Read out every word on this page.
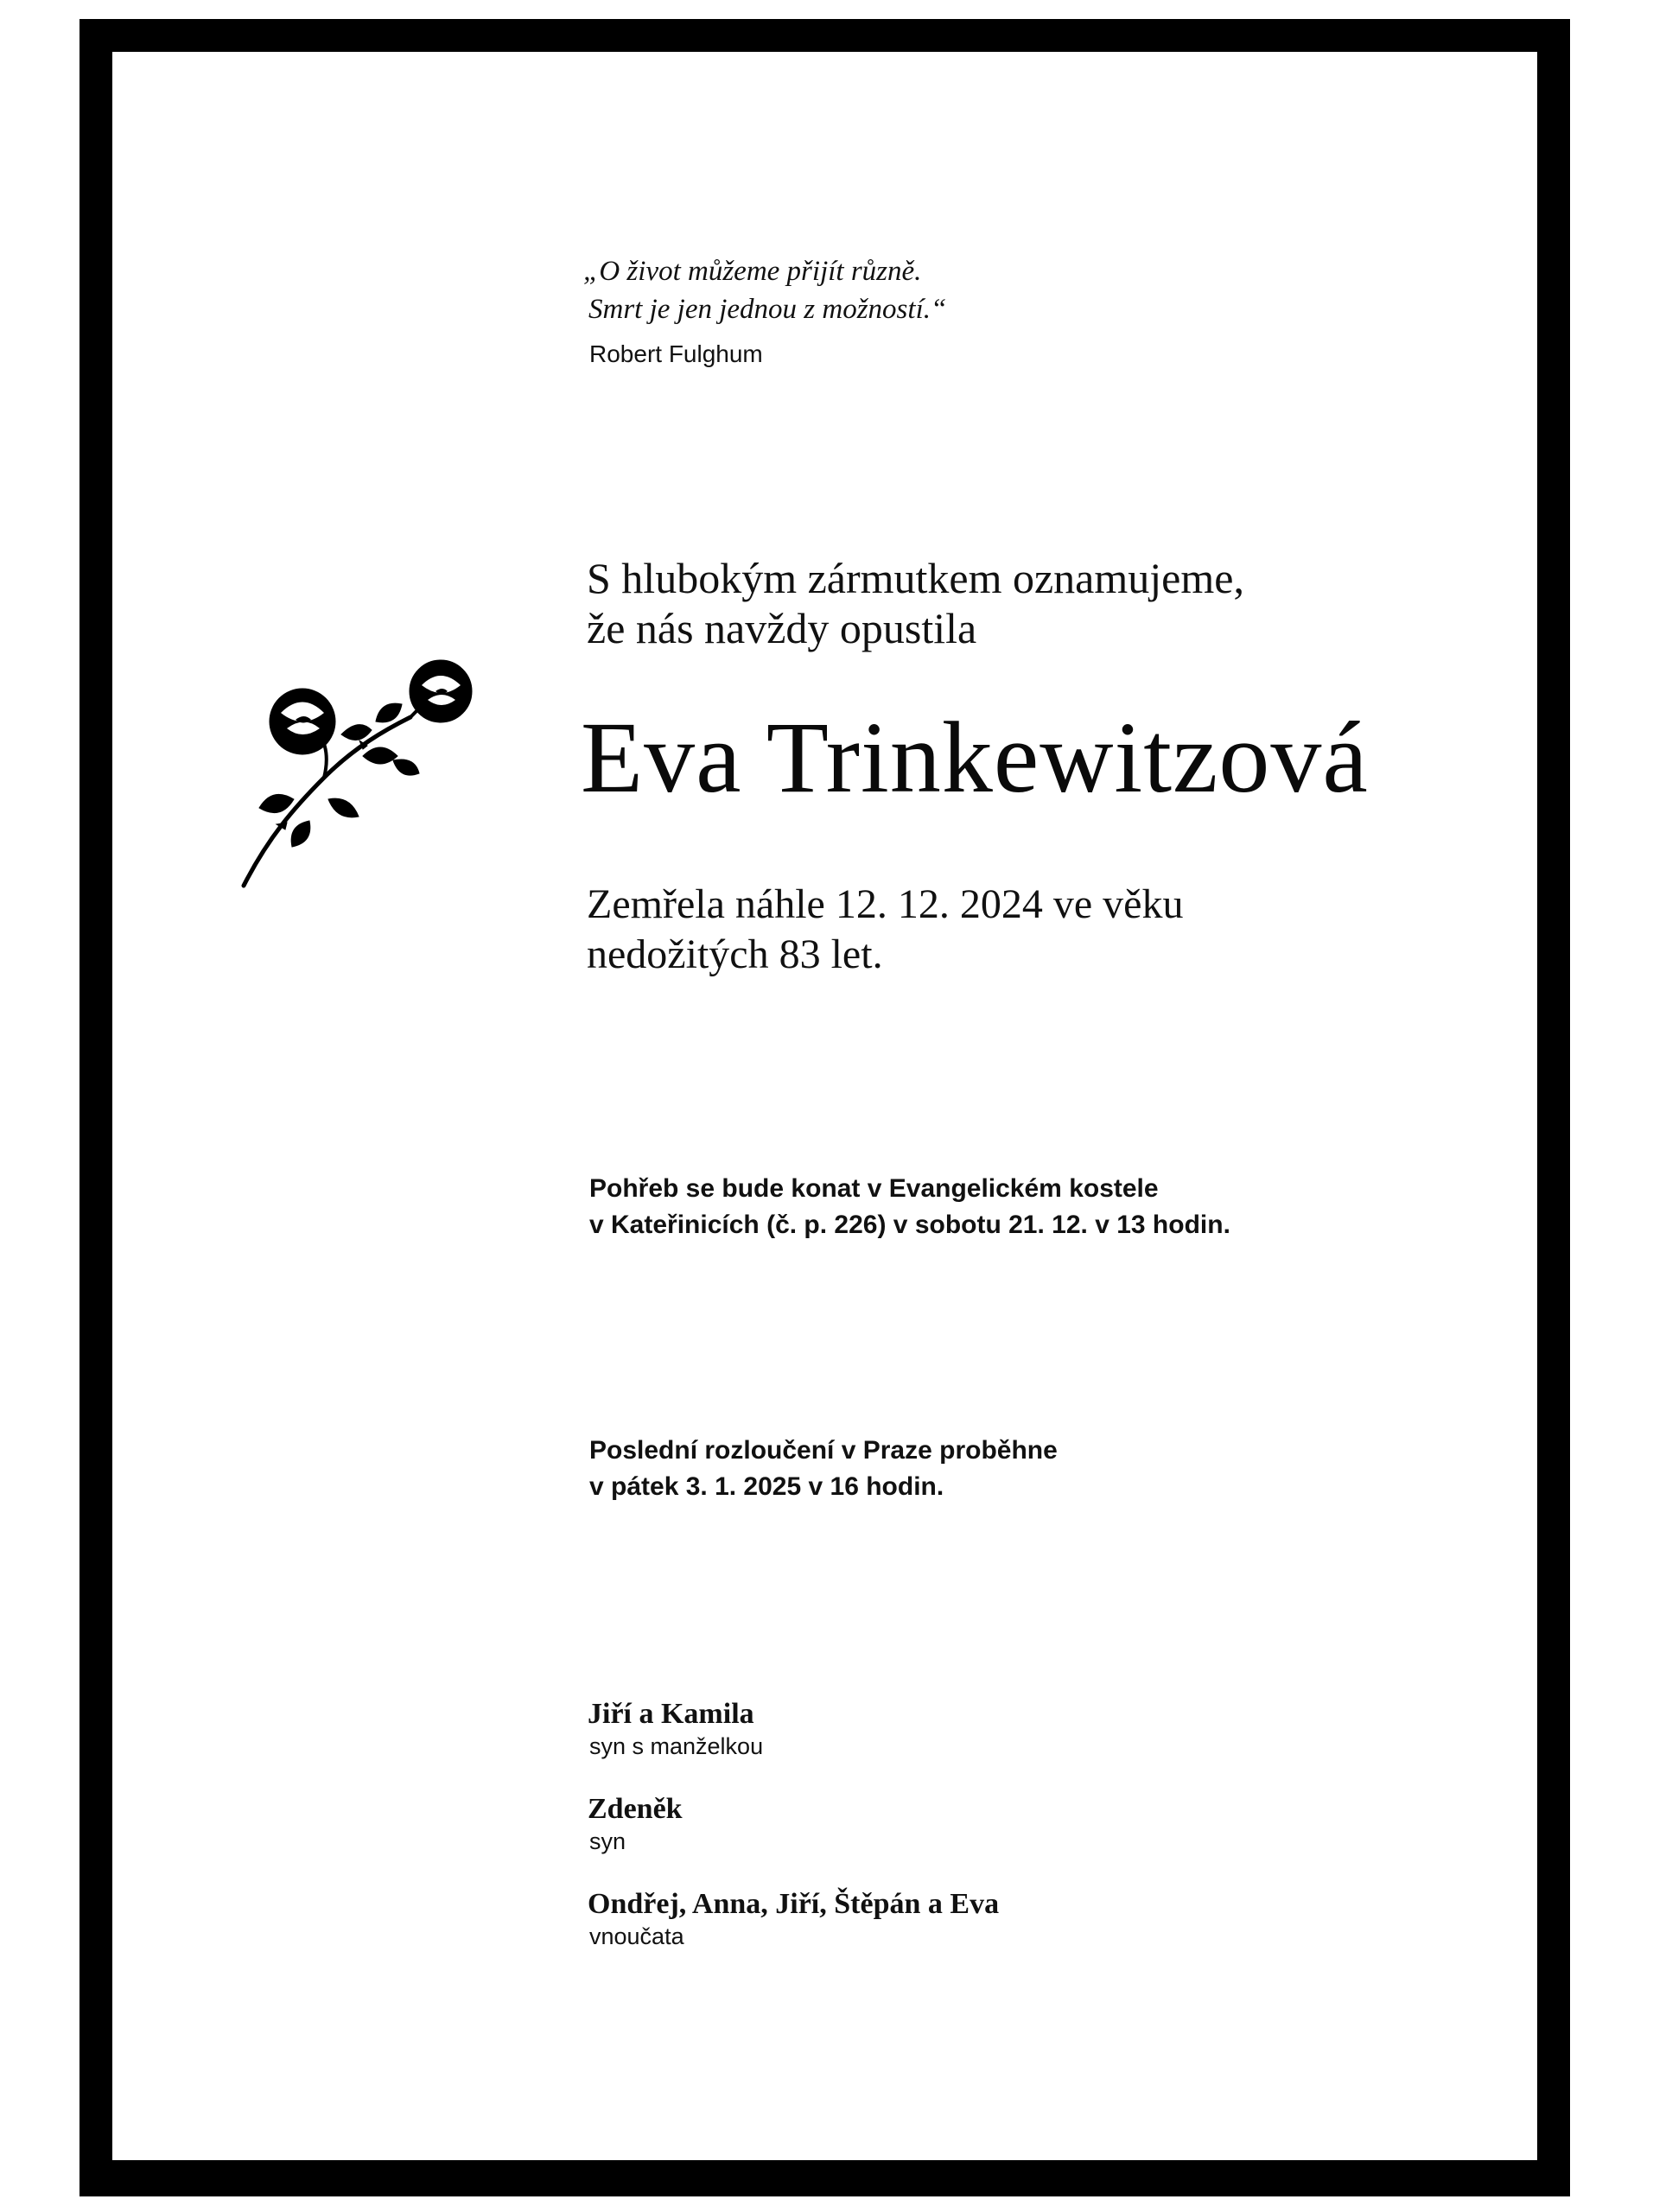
„O život můžeme přijít různě.
Smrt je jen jednou z možností.“
Robert Fulghum
S hlubokým zármutkem oznamujeme,
že nás navždy opustila
Eva Trinkewitzová
Zemřela náhle 12. 12. 2024 ve věku
nedožitých 83 let.
Pohřeb se bude konat v Evangelickém kostele
v Kateřinicích (č. p. 226) v sobotu 21. 12. v 13 hodin.
Poslední rozloučení v Praze proběhne
v pátek 3. 1. 2025 v 16 hodin.
Jiří a Kamila
syn s manželkou
Zdeněk
syn
Ondřej, Anna, Jiří, Štěpán a Eva
vnoučata
